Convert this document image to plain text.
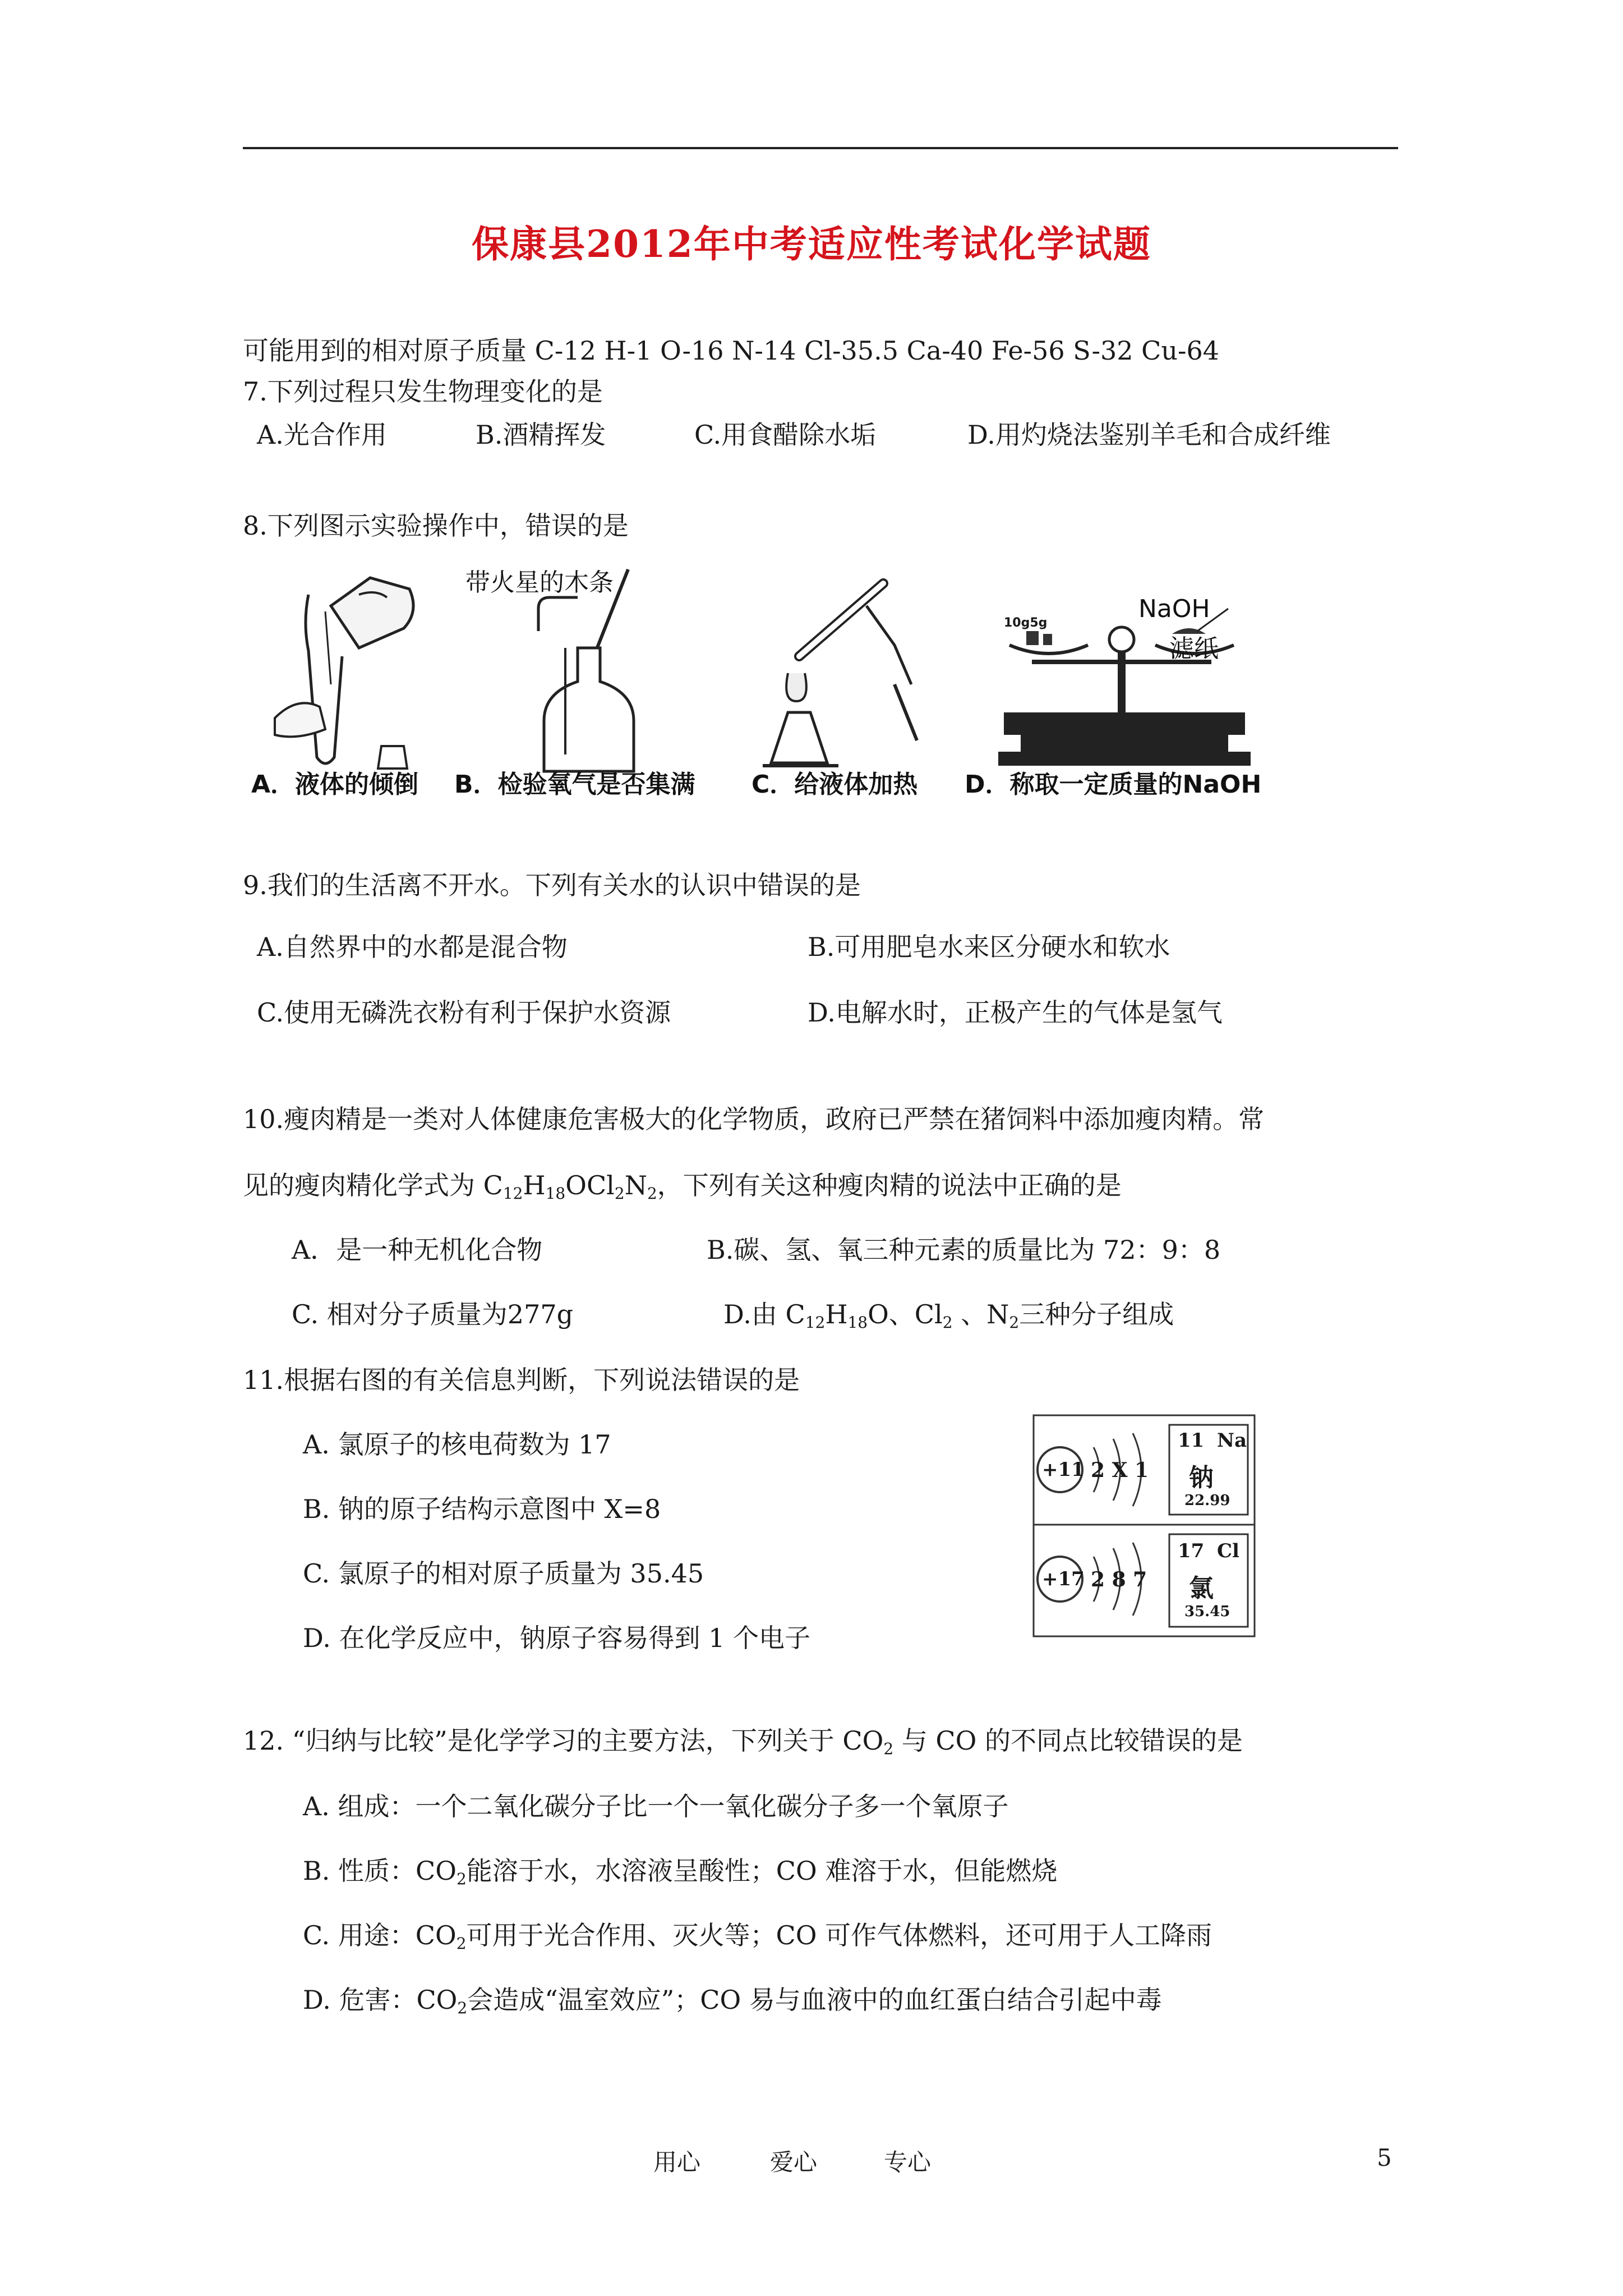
保康县2012年中考适应性考试化学试题
可能用到的相对原子质量 C-12 H-1 O-16 N-14 Cl-35.5 Ca-40 Fe-56 S-32 Cu-64
7.下列过程只发生物理变化的是
A.光合作用	B.酒精挥发	C.用食醋除水垢	D.用灼烧法鉴别羊毛和合成纤维
8.下列图示实验操作中，错误的是
A．液体的倾倒
带火星的木条
B．检验氧气是否集满 C．给液体加热
10g5g	NaOH
滤纸
D．称取一定质量的NaOH
9.我们的生活离不开水。下列有关水的认识中错误的是
A.自然界中的水都是混合物	B.可用肥皂水来区分硬水和软水
C.使用无磷洗衣粉有利于保护水资源	D.电解水时，正极产生的气体是氢气
10.瘦肉精是一类对人体健康危害极大的化学物质，政府已严禁在猪饲料中添加瘦肉精。常
见的瘦肉精化学式为 $C_{12}H_{18}OCl_2N_2$，下列有关这种瘦肉精的说法中正确的是
A．是一种无机化合物	B.碳、氢、氧三种元素的质量比为 72：9：8
C. 相对分子质量为277g	D.由 $C_{12}H_{18}O$、$Cl_2$ 、$N_2$三种分子组成
11.根据右图的有关信息判断，下列说法错误的是
A. 氯原子的核电荷数为 17
B. 钠的原子结构示意图中 X=8
C. 氯原子的相对原子质量为 35.45
D. 在化学反应中，钠原子容易得到 1 个电子
+11 2 X 1
11 Na
钠
22.99
+17 2 8 7
17 Cl
氯
35.45
12. “归纳与比较”是化学学习的主要方法，下列关于 $CO_2$ 与 CO 的不同点比较错误的是
A. 组成：一个二氧化碳分子比一个一氧化碳分子多一个氧原子
B. 性质：$CO_2$能溶于水，水溶液呈酸性；CO 难溶于水，但能燃烧
C. 用途：$CO_2$可用于光合作用、灭火等；CO 可作气体燃料，还可用于人工降雨
D. 危害：$CO_2$会造成“温室效应”；CO 易与血液中的血红蛋白结合引起中毒
用心	爱心	专心	5
